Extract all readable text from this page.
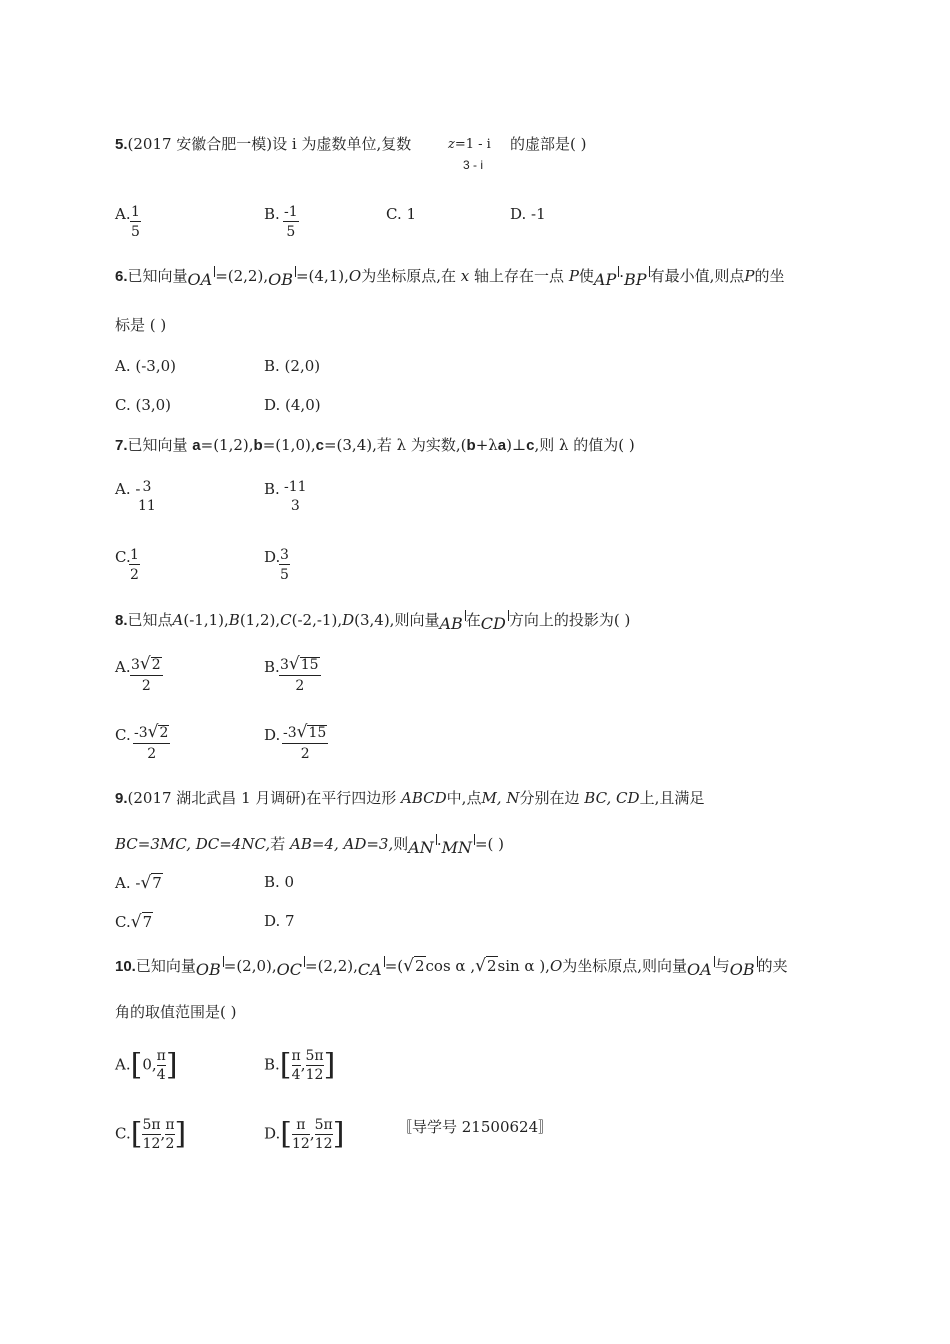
5.(2017 安徽合肥一模)设 i 为虚数单位,复数	z=1 - i
3 - i
的虚部是( )
A. $\frac{1}{5}$	B. $\frac{-1}{5}$	C. 1	D. -1
6.已知向量OA =(2,2),OB =(4,1),O为坐标原点,在 x 轴上存在一点 P使AP ·BP 有最小值,则点P的坐
标是 ( )
A. (-3,0)	B. (2,0)
C. (3,0)	D. (4,0)
7.已知向量 a=(1,2),b=(1,0),c=(3,4),若 λ 为实数,(b+λa)⊥c,则 λ 的值为( )
A. - 3
11
B. -11
3
C.
$\frac{1}{2}$	D.
$\frac{3}{5}$
8.已知点A(-1,1),B(1,2),C(-2,-1),D(3,4),则向量AB 在CD 方向上的投影为( )
A. $\frac{3√2}{2}$	B. $\frac{3√15}{2}$
C. $\frac{-3√2}{2}$	D. $\frac{-3√15}{2}$
9.(2017 湖北武昌 1 月调研)在平行四边形 ABCD中,点M, N分别在边 BC, CD上,且满足
BC=3MC, DC=4NC,若 AB=4, AD=3,则AN ·MN =( )
A. -√7	B. 0
C.√7	D. 7
10.已知向量OB =(2,0),OC =(2,2),CA =(√2cos α ,√2sin α ),O为坐标原点,则向量OA 与OB 的夹
角的取值范围是( )
A.[0, $\frac{\pi}{4}$ ]	$B.[ \frac{\pi}{4}$ , $\frac{5\pi}{12}$ ]
$C.[ \frac{5\pi}{12}$ , $\frac{\pi}{2}$ ]	$D.[ \frac{\pi}{12}$ , $\frac{5\pi}{12}$ ]	〚导学号 21500624〛
